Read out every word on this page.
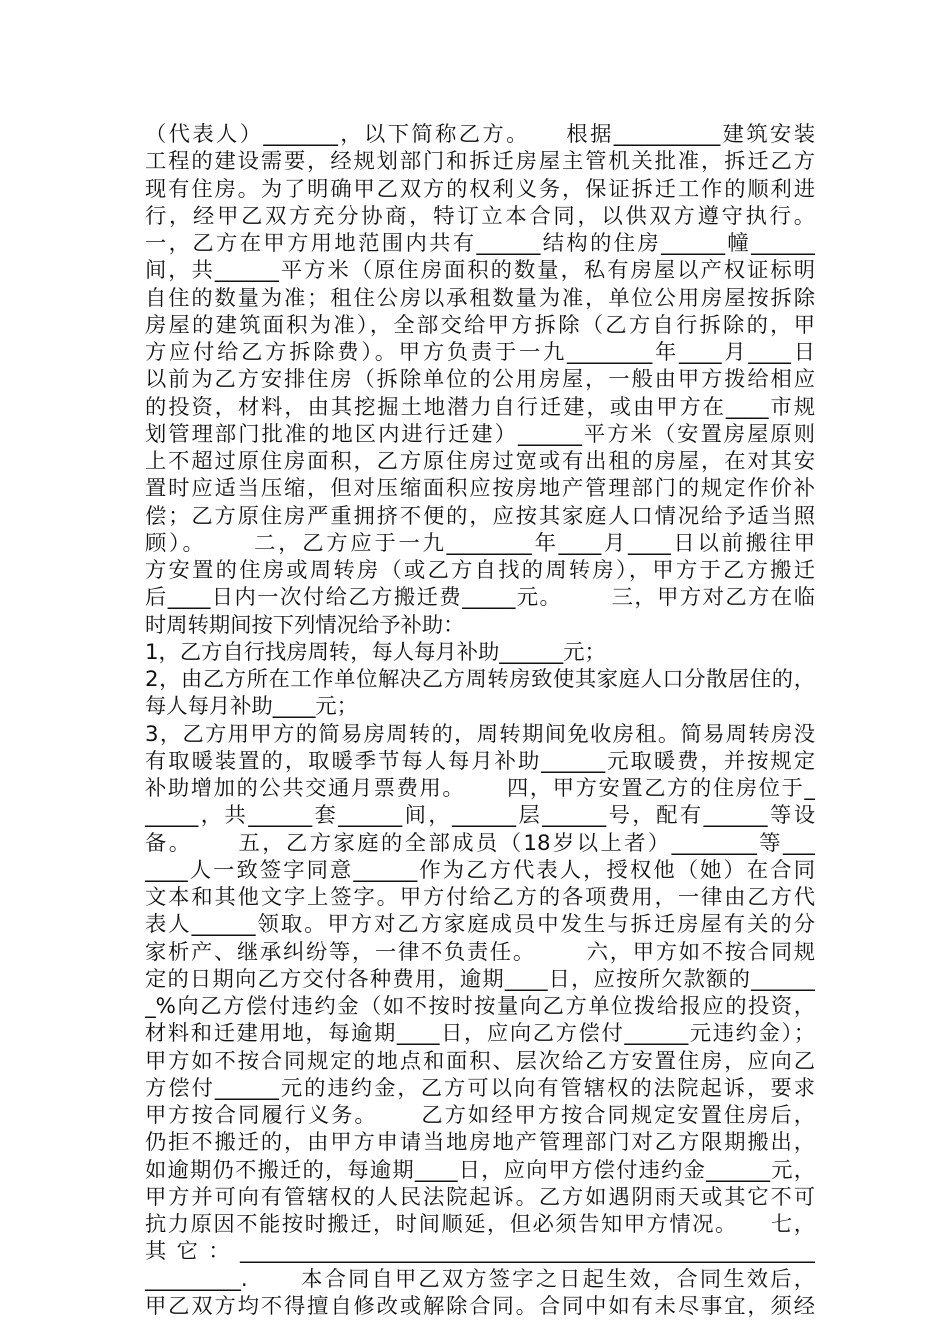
（代表人）_______，以下简称乙方。    根据__________建筑安装
工程的建设需要，经规划部门和拆迁房屋主管机关批准，拆迁乙方
现有住房。为了明确甲乙双方的权利义务，保证拆迁工作的顺利进
行，经甲乙双方充分协商，特订立本合同，以供双方遵守执行。
一，乙方在甲方用地范围内共有______结构的住房______幢______
间，共______平方米（原住房面积的数量，私有房屋以产权证标明
自住的数量为准；租住公房以承租数量为准，单位公用房屋按拆除
房屋的建筑面积为准），全部交给甲方拆除（乙方自行拆除的，甲
方应付给乙方拆除费）。甲方负责于一九________年____月____日
以前为乙方安排住房（拆除单位的公用房屋，一般由甲方拨给相应
的投资，材料，由其挖掘土地潜力自行迁建，或由甲方在____市规
划管理部门批准的地区内进行迁建）______平方米（安置房屋原则
上不超过原住房面积，乙方原住房过宽或有出租的房屋，在对其安
置时应适当压缩，但对压缩面积应按房地产管理部门的规定作价补
偿；乙方原住房严重拥挤不便的，应按其家庭人口情况给予适当照
顾）。     二，乙方应于一九________年____月____日以前搬往甲
方安置的住房或周转房（或乙方自找的周转房），甲方于乙方搬迁
后____日内一次付给乙方搬迁费_____元。      三，甲方对乙方在临
时周转期间按下列情况给予补助：
1，乙方自行找房周转，每人每月补助______元；
2，由乙方所在工作单位解决乙方周转房致使其家庭人口分散居住的，
每人每月补助____元；
3，乙方用甲方的简易房周转的，周转期间免收房租。简易周转房没
有取暖装置的，取暖季节每人每月补助______元取暖费，并按规定
补助增加的公共交通月票费用。     四，甲方安置乙方的住房位于_
_____，共______套______间，______层______号，配有______等设
备。     五，乙方家庭的全部成员（18岁以上者）________等___
____人一致签字同意______作为乙方代表人，授权他（她）在合同
文本和其他文字上签字。甲方付给乙方的各项费用，一律由乙方代
表人______领取。甲方对乙方家庭成员中发生与拆迁房屋有关的分
家析产、继承纠纷等，一律不负责任。      六，甲方如不按合同规
定的日期向乙方交付各种费用，逾期____日，应按所欠款额的______
_%向乙方偿付违约金（如不按时按量向乙方单位拨给报应的投资，
材料和迁建用地，每逾期____日，应向乙方偿付______元违约金）；
甲方如不按合同规定的地点和面积、层次给乙方安置住房，应向乙
方偿付______元的违约金，乙方可以向有管辖权的法院起诉，要求
甲方按合同履行义务。     乙方如经甲方按合同规定安置住房后，
仍拒不搬迁的，由甲方申请当地房地产管理部门对乙方限期搬出，
如逾期仍不搬迁的，每逾期____日，应向甲方偿付违约金______元，
甲方并可向有管辖权的人民法院起诉。乙方如遇阴雨天或其它不可
抗力原因不能按时搬迁，时间顺延，但必须告知甲方情况。    七，
其它：______________________________________________________
_________.      本合同自甲乙双方签字之日起生效，合同生效后，
甲乙双方均不得擅自修改或解除合同。合同中如有未尽事宜，须经
